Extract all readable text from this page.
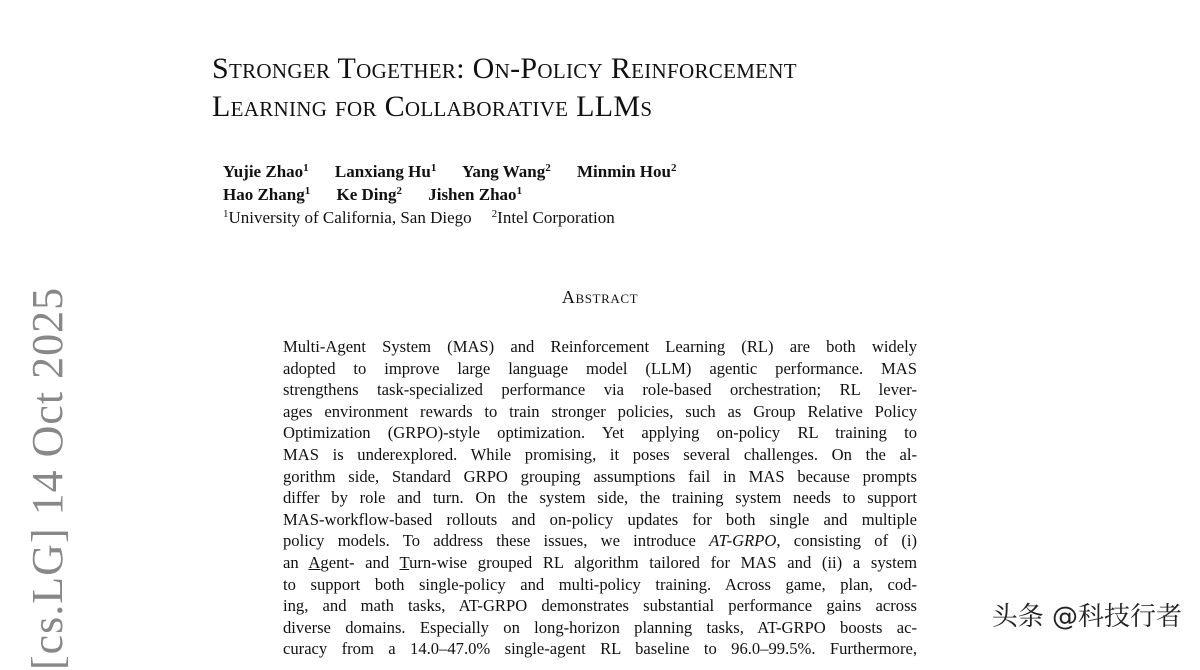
Stronger Together: On-Policy Reinforcement
Learning for Collaborative LLMs
Yujie Zhao$^1$ Lanxiang Hu$^1$ Yang Wang$^2$ Minmin Hou$^2$
Hao Zhang$^1$ Ke Ding$^2$ Jishen Zhao$^1$
$^1$University of California, San Diego $^2$Intel Corporation
Abstract
Multi-Agent System (MAS) and Reinforcement Learning (RL) are both widely
adopted to improve large language model (LLM) agentic performance. MAS
strengthens task-specialized performance via role-based orchestration; RL lever-
ages environment rewards to train stronger policies, such as Group Relative Policy
Optimization (GRPO)-style optimization. Yet applying on-policy RL training to
MAS is underexplored. While promising, it poses several challenges. On the al-
gorithm side, Standard GRPO grouping assumptions fail in MAS because prompts
differ by role and turn. On the system side, the training system needs to support
MAS-workflow-based rollouts and on-policy updates for both single and multiple
policy models. To address these issues, we introduce AT-GRPO, consisting of (i)
an Agent- and Turn-wise grouped RL algorithm tailored for MAS and (ii) a system
to support both single-policy and multi-policy training. Across game, plan, cod-
ing, and math tasks, AT-GRPO demonstrates substantial performance gains across
diverse domains. Especially on long-horizon planning tasks, AT-GRPO boosts ac-
curacy from a 14.0–47.0% single-agent RL baseline to 96.0–99.5%. Furthermore,
[cs.LG] 14 Oct 2025	头条 @科技行者
